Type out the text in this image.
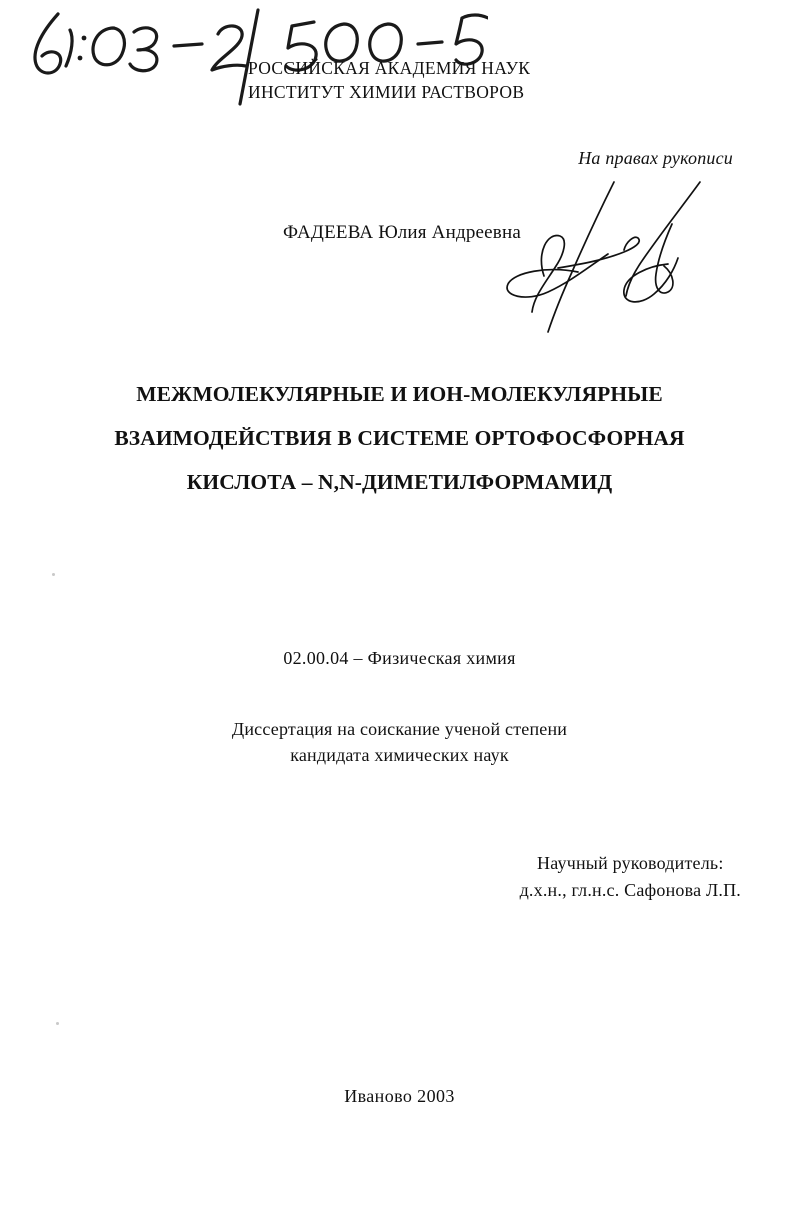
РОССИЙСКАЯ АКАДЕМИЯ НАУК
ИНСТИТУТ ХИМИИ РАСТВОРОВ
На правах рукописи
ФАДЕЕВА Юлия Андреевна
МЕЖМОЛЕКУЛЯРНЫЕ И ИОН-МОЛЕКУЛЯРНЫЕ
ВЗАИМОДЕЙСТВИЯ В СИСТЕМЕ ОРТОФОСФОРНАЯ
КИСЛОТА – N,N-ДИМЕТИЛФОРМАМИД
02.00.04 – Физическая химия
Диссертация на соискание ученой степени
кандидата химических наук
Научный руководитель:
д.х.н., гл.н.с. Сафонова Л.П.
Иваново 2003
